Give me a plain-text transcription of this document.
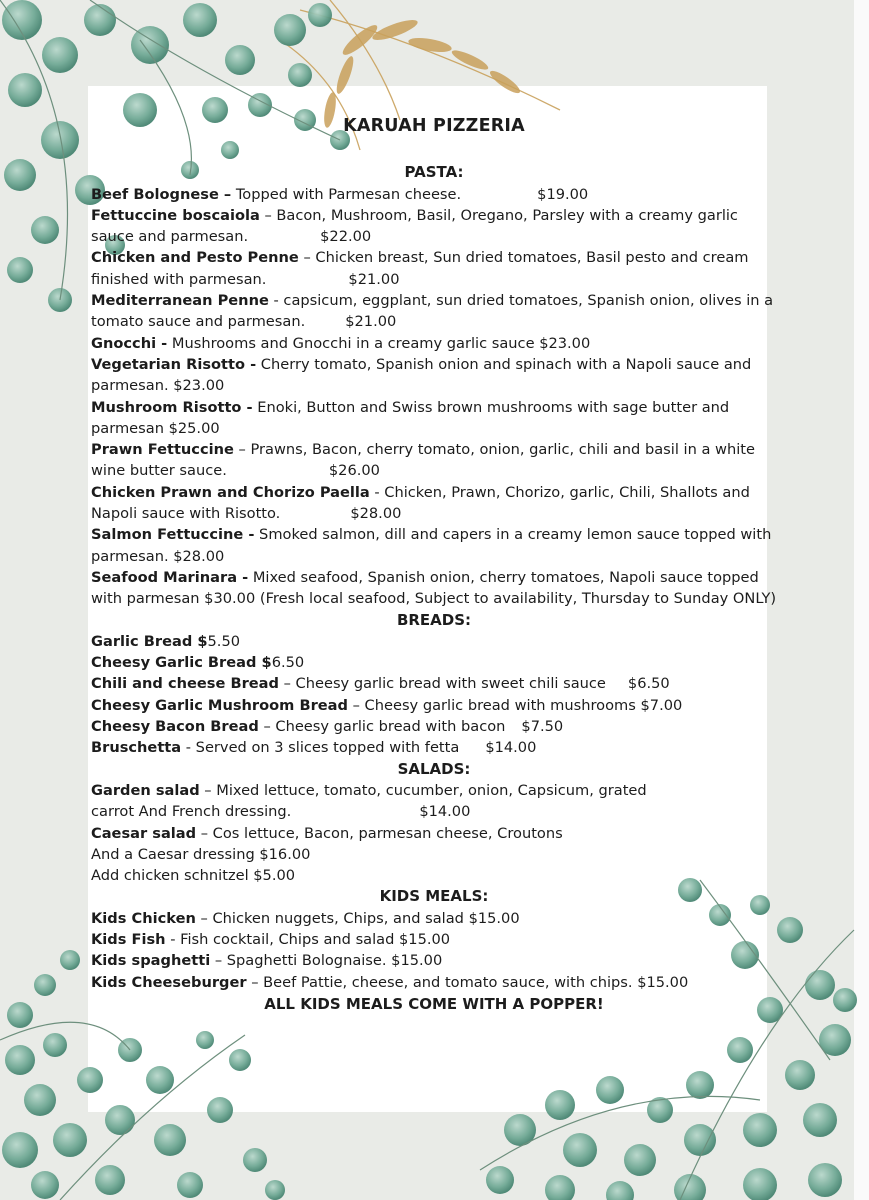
KARUAH PIZZERIA
PASTA:
Beef Bolognese – Topped with Parmesan cheese.	$19.00
Fettuccine boscaiola – Bacon, Mushroom, Basil, Oregano, Parsley with a creamy garlic sauce and parmesan.	$22.00
Chicken and Pesto Penne – Chicken breast, Sun dried tomatoes, Basil pesto and cream finished with parmesan.	$21.00
Mediterranean Penne - capsicum, eggplant, sun dried tomatoes, Spanish onion, olives in a tomato sauce and parmesan.	$21.00
Gnocchi - Mushrooms and Gnocchi in a creamy garlic sauce $23.00
Vegetarian Risotto - Cherry tomato, Spanish onion and spinach with a Napoli sauce and parmesan. $23.00
Mushroom Risotto - Enoki, Button and Swiss brown mushrooms with sage butter and parmesan $25.00
Prawn Fettuccine – Prawns, Bacon, cherry tomato, onion, garlic, chili and basil in a white wine butter sauce.	$26.00
Chicken Prawn and Chorizo Paella - Chicken, Prawn, Chorizo, garlic, Chili, Shallots and Napoli sauce with Risotto.	$28.00
Salmon Fettuccine - Smoked salmon, dill and capers in a creamy lemon sauce topped with parmesan. $28.00
Seafood Marinara - Mixed seafood, Spanish onion, cherry tomatoes, Napoli sauce topped with parmesan $30.00 (Fresh local seafood, Subject to availability, Thursday to Sunday ONLY)
BREADS:
Garlic Bread $5.50
Cheesy Garlic Bread $6.50
Chili and cheese Bread – Cheesy garlic bread with sweet chili sauce $6.50
Cheesy Garlic Mushroom Bread – Cheesy garlic bread with mushrooms $7.00
Cheesy Bacon Bread – Cheesy garlic bread with bacon $7.50
Bruschetta - Served on 3 slices topped with fetta $14.00
SALADS:
Garden salad – Mixed lettuce, tomato, cucumber, onion, Capsicum, grated
carrot And French dressing.	$14.00
Caesar salad – Cos lettuce, Bacon, parmesan cheese, Croutons
And a Caesar dressing $16.00
Add chicken schnitzel $5.00
KIDS MEALS:
Kids Chicken – Chicken nuggets, Chips, and salad $15.00
Kids Fish - Fish cocktail, Chips and salad $15.00
Kids spaghetti – Spaghetti Bolognaise. $15.00
Kids Cheeseburger – Beef Pattie, cheese, and tomato sauce, with chips. $15.00
ALL KIDS MEALS COME WITH A POPPER!
